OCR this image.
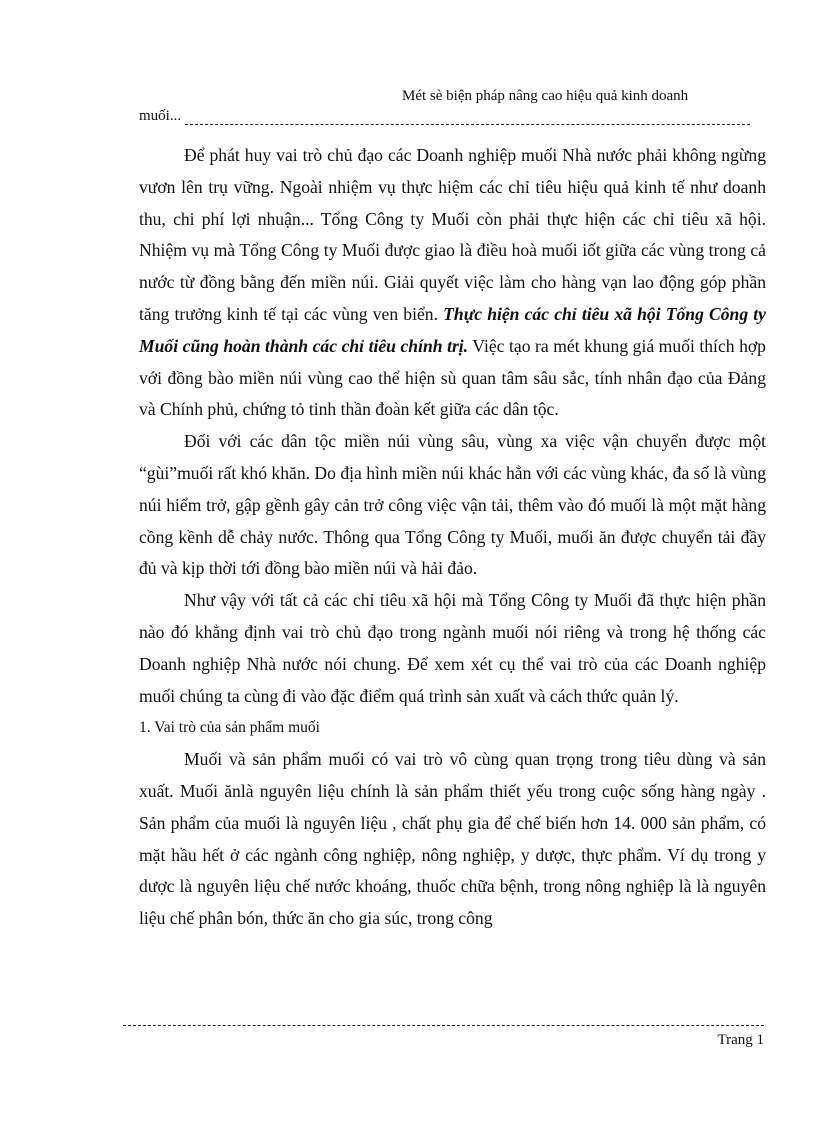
Mét sè biện pháp nâng cao hiệu quả kinh doanh
muối...

Để phát huy vai trò chủ đạo các Doanh nghiệp muối Nhà nước phải không ngừng vươn lên trụ vững. Ngoài nhiệm vụ thực hiệm các chỉ tiêu hiệu quả kinh tế như doanh thu, chi phí lợi nhuận... Tổng Công ty Muối còn phải thực hiện các chỉ tiêu xã hội. Nhiệm vụ mà Tổng Công ty Muối được giao là điều hoà muối iốt giữa các vùng trong cả nước từ đồng bằng đến miền núi. Giải quyết việc làm cho hàng vạn lao động góp phần tăng trưởng kinh tế tại các vùng ven biển. Thực hiện các chỉ tiêu xã hội Tổng Công ty Muối cũng hoàn thành các chỉ tiêu chính trị. Việc tạo ra mét khung giá muối thích hợp với đồng bào miền núi vùng cao thể hiện sù quan tâm sâu sắc, tính nhân đạo của Đảng và Chính phủ, chứng tỏ tinh thần đoàn kết giữa các dân tộc.

Đối với các dân tộc miền núi vùng sâu, vùng xa việc vận chuyển được một “gùi”muối rất khó khăn. Do địa hình miền núi khác hẳn với các vùng khác, đa số là vùng núi hiểm trở, gập gềnh gây cản trở công việc vận tải, thêm vào đó muối là một mặt hàng cồng kềnh dễ chảy nước. Thông qua Tổng Công ty Muối, muối ăn được chuyển tải đầy đủ và kịp thời tới đồng bào miền núi và hải đảo.

Như vậy với tất cả các chỉ tiêu xã hội mà Tổng Công ty Muối đã thực hiện phần nào đó khẳng định vai trò chủ đạo trong ngành muối nói riêng và trong hệ thống các Doanh nghiệp Nhà nước nói chung. Để xem xét cụ thể vai trò của các Doanh nghiệp muối chúng ta cùng đi vào đặc điểm quá trình sản xuất và cách thức quản lý.

1. Vai trò của sản phẩm muối

Muối và sản phẩm muối có vai trò vô cùng quan trọng trong tiêu dùng và sản xuất. Muối ănlà nguyên liệu chính là sản phẩm thiết yếu trong cuộc sống hàng ngày . Sản phẩm của muối là nguyên liệu , chất phụ gia để chế biến hơn 14. 000 sản phẩm, có mặt hầu hết ở các ngành công nghiệp, nông nghiệp, y dược, thực phẩm. Ví dụ trong y dược là nguyên liệu chế nước khoáng, thuốc chữa bệnh, trong nông nghiệp là là nguyên liệu chế phân bón, thức ăn cho gia súc, trong công

Trang 1
